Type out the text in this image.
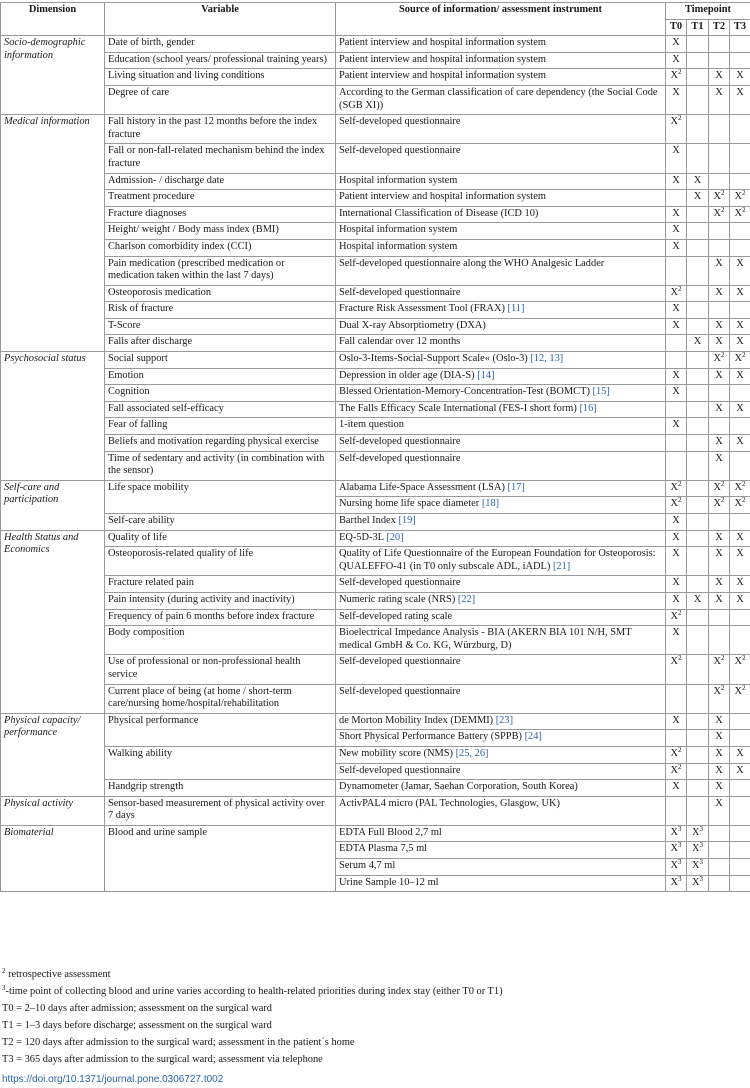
Dimension	Variable	Source of information/ assessment instrument	Timepoint			
			T0	T1	T2	T3
Socio-demographic information	Date of birth, gender	Patient interview and hospital information system	X			
	Education (school years/ professional training years)	Patient interview and hospital information system	X			
	Living situation and living conditions	Patient interview and hospital information system	$X^2$		X	X
	Degree of care	According to the German classification of care dependency (the Social Code (SGB XI))	X		X	X
Medical information	Fall history in the past 12 months before the index fracture	Self-developed questionnaire	$X^2$			
	Fall or non-fall-related mechanism behind the index fracture	Self-developed questionnaire	X			
	Admission- / discharge date	Hospital information system	X	X		
	Treatment procedure	Patient interview and hospital information system		X	$X^2$	$X^2$
	Fracture diagnoses	International Classification of Disease (ICD 10)	X		$X^2$	$X^2$
	Height/ weight / Body mass index (BMI)	Hospital information system	X			
	Charlson comorbidity index (CCI)	Hospital information system	X			
	Pain medication (prescribed medication or medication taken within the last 7 days)	Self-developed questionnaire along the WHO Analgesic Ladder			X	X
	Osteoporosis medication	Self-developed questionnaire	$X^2$		X	X
	Risk of fracture	Fracture Risk Assessment Tool (FRAX) [11]	X			
	T-Score	Dual X-ray Absorptiometry (DXA)	X		X	X
	Falls after discharge	Fall calendar over 12 months		X	X	X
Psychosocial status	Social support	Oslo-3-Items-Social-Support Scale« (Oslo-3) [12, 13]			$X^2$	$X^2$
	Emotion	Depression in older age (DIA-S) [14]	X		X	X
	Cognition	Blessed Orientation-Memory-Concentration-Test (BOMCT) [15]	X			
	Fall associated self-efficacy	The Falls Efficacy Scale International (FES-I short form) [16]			X	X
	Fear of falling	1-item question	X			
	Beliefs and motivation regarding physical exercise	Self-developed questionnaire			X	X
	Time of sedentary and activity (in combination with the sensor)	Self-developed questionnaire			X	
Self-care and participation	Life space mobility	Alabama Life-Space Assessment (LSA) [17]	$X^2$		$X^2$	$X^2$
		Nursing home life space diameter [18]	$X^2$		$X^2$	$X^2$
	Self-care ability	Barthel Index [19]	X			
Health Status and Economics	Quality of life	EQ-5D-3L [20]	X		X	X
	Osteoporosis-related quality of life	Quality of Life Questionnaire of the European Foundation for Osteoporosis: QUALEFFO-41 (in T0 only subscale ADL, iADL) [21]	X		X	X
	Fracture related pain	Self-developed questionnaire	X		X	X
	Pain intensity (during activity and inactivity)	Numeric rating scale (NRS) [22]	X	X	X	X
	Frequency of pain 6 months before index fracture	Self-developed rating scale	$X^2$			
	Body composition	Bioelectrical Impedance Analysis - BIA (AKERN BIA 101 N/H, SMT medical GmbH & Co. KG, Würzburg, D)	X			
	Use of professional or non-professional health service	Self-developed questionnaire	$X^2$		$X^2$	$X^2$
	Current place of being (at home / short-term care/nursing home/hospital/rehabilitation	Self-developed questionnaire			$X^2$	$X^2$
Physical capacity/ performance	Physical performance	de Morton Mobility Index (DEMMI) [23]	X		X	
		Short Physical Performance Battery (SPPB) [24]			X	
	Walking ability	New mobility score (NMS) [25, 26]	$X^2$		X	X
		Self-developed questionnaire	$X^2$		X	X
	Handgrip strength	Dynamometer (Jamar, Saehan Corporation, South Korea)	X		X	
Physical activity	Sensor-based measurement of physical activity over 7 days	ActivPAL4 micro (PAL Technologies, Glasgow, UK)			X	
Biomaterial	Blood and urine sample	EDTA Full Blood 2,7 ml	$X^3$	$X^3$		
		EDTA Plasma 7,5 ml	$X^3$	$X^3$		
		Serum 4,7 ml	$X^3$	$X^3$		
		Urine Sample 10–12 ml	$X^3$	$X^3$		
$^2$ retrospective assessment
$^3$-time point of collecting blood and urine varies according to health-related priorities during index stay (either T0 or T1)
T0 = 2–10 days after admission; assessment on the surgical ward
T1 = 1–3 days before discharge; assessment on the surgical ward
T2 = 120 days after admission to the surgical ward; assessment in the patient´s home
T3 = 365 days after admission to the surgical ward; assessment via telephone
https://doi.org/10.1371/journal.pone.0306727.t002
